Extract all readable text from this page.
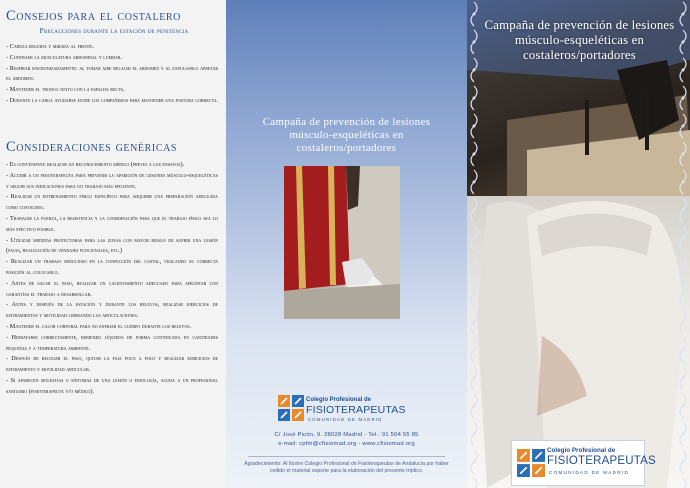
Consejos para el costalero
Precauciones durante la estación de penitencia

- Cabeza erguida y mirada al frente.

- Contraer la musculatura abdominal y lumbar.

- Respirar sincronizadamente: al tomar aire relajar el abdomen y al expulsarlo apretar el abdomen.

- Mantener el tronco junto con la espalda recta.

- Durante la carga ayudarse entre los compañeros para mantener una postura correcta.

Consideraciones genéricas

- Es conveniente realizar un reconocimiento médico (previo a los ensayos).

- Acudir a un fisioterapeuta para prevenir la aparición de lesiones músculo-esqueléticas y seguir sus indicaciones para un trabajo más eficiente.

- Realizar un entrenamiento físico específico para adquirir una preparación adecuada como costalero.

- Trabajar la fuerza, la resistencia y la coordinación para que el trabajo físico sea lo más efectivo posible.

- Utilizar medidas protectoras para las zonas con mayor riesgo de sufrir una lesión (fajas, realización de vendajes funcionales, etc.)

- Realizar un trabajo minucioso en la confección del costal, vigilando su correcta posición al colocarlo.

- Antes de sacar el paso, realizar un calentamiento adecuado para afrontar con garantías el trabajo a desarrollar.

- Antes y después de la estación y durante los relevos, realizar ejercicios de estiramientos y movilidad liberando las articulaciones.

- Mantener el calor corporal para no enfriar el cuerpo durante los relevos.

- Hidratarse correctamente, bebiendo líquidos de forma continuada en cantidades pequeñas y a temperatura ambiente.

- Después de recoger el paso, quitar la faja poco a poco y realizar ejercicios de estiramiento y movilidad articular.

- Si aparecen molestias o síntomas de una lesión o patología, acuda a un profesional sanitario (fisioterapeuta y/o médico).

Campaña de prevención de lesiones músculo-esqueléticas en costaleros/portadores
Colegio Profesional de
FISIOTERAPEUTAS
COMUNIDAD DE MADRID
C/ José Picón, 9. 28028 Madrid - Tel.: 91 504 55 85
e-mail: cpfm@cfisiomad.org - www.cfisiomad.org
Agradecimiento: Al Ilustre Colegio Profesional de Fisioterapeutas de Andalucía por haber cedido el material soporte para la elaboración del presente tríptico.
Campaña de prevención de lesiones músculo-esqueléticas en costaleros/portadores
Colegio Profesional de
FISIOTERAPEUTAS
COMUNIDAD DE MADRID
